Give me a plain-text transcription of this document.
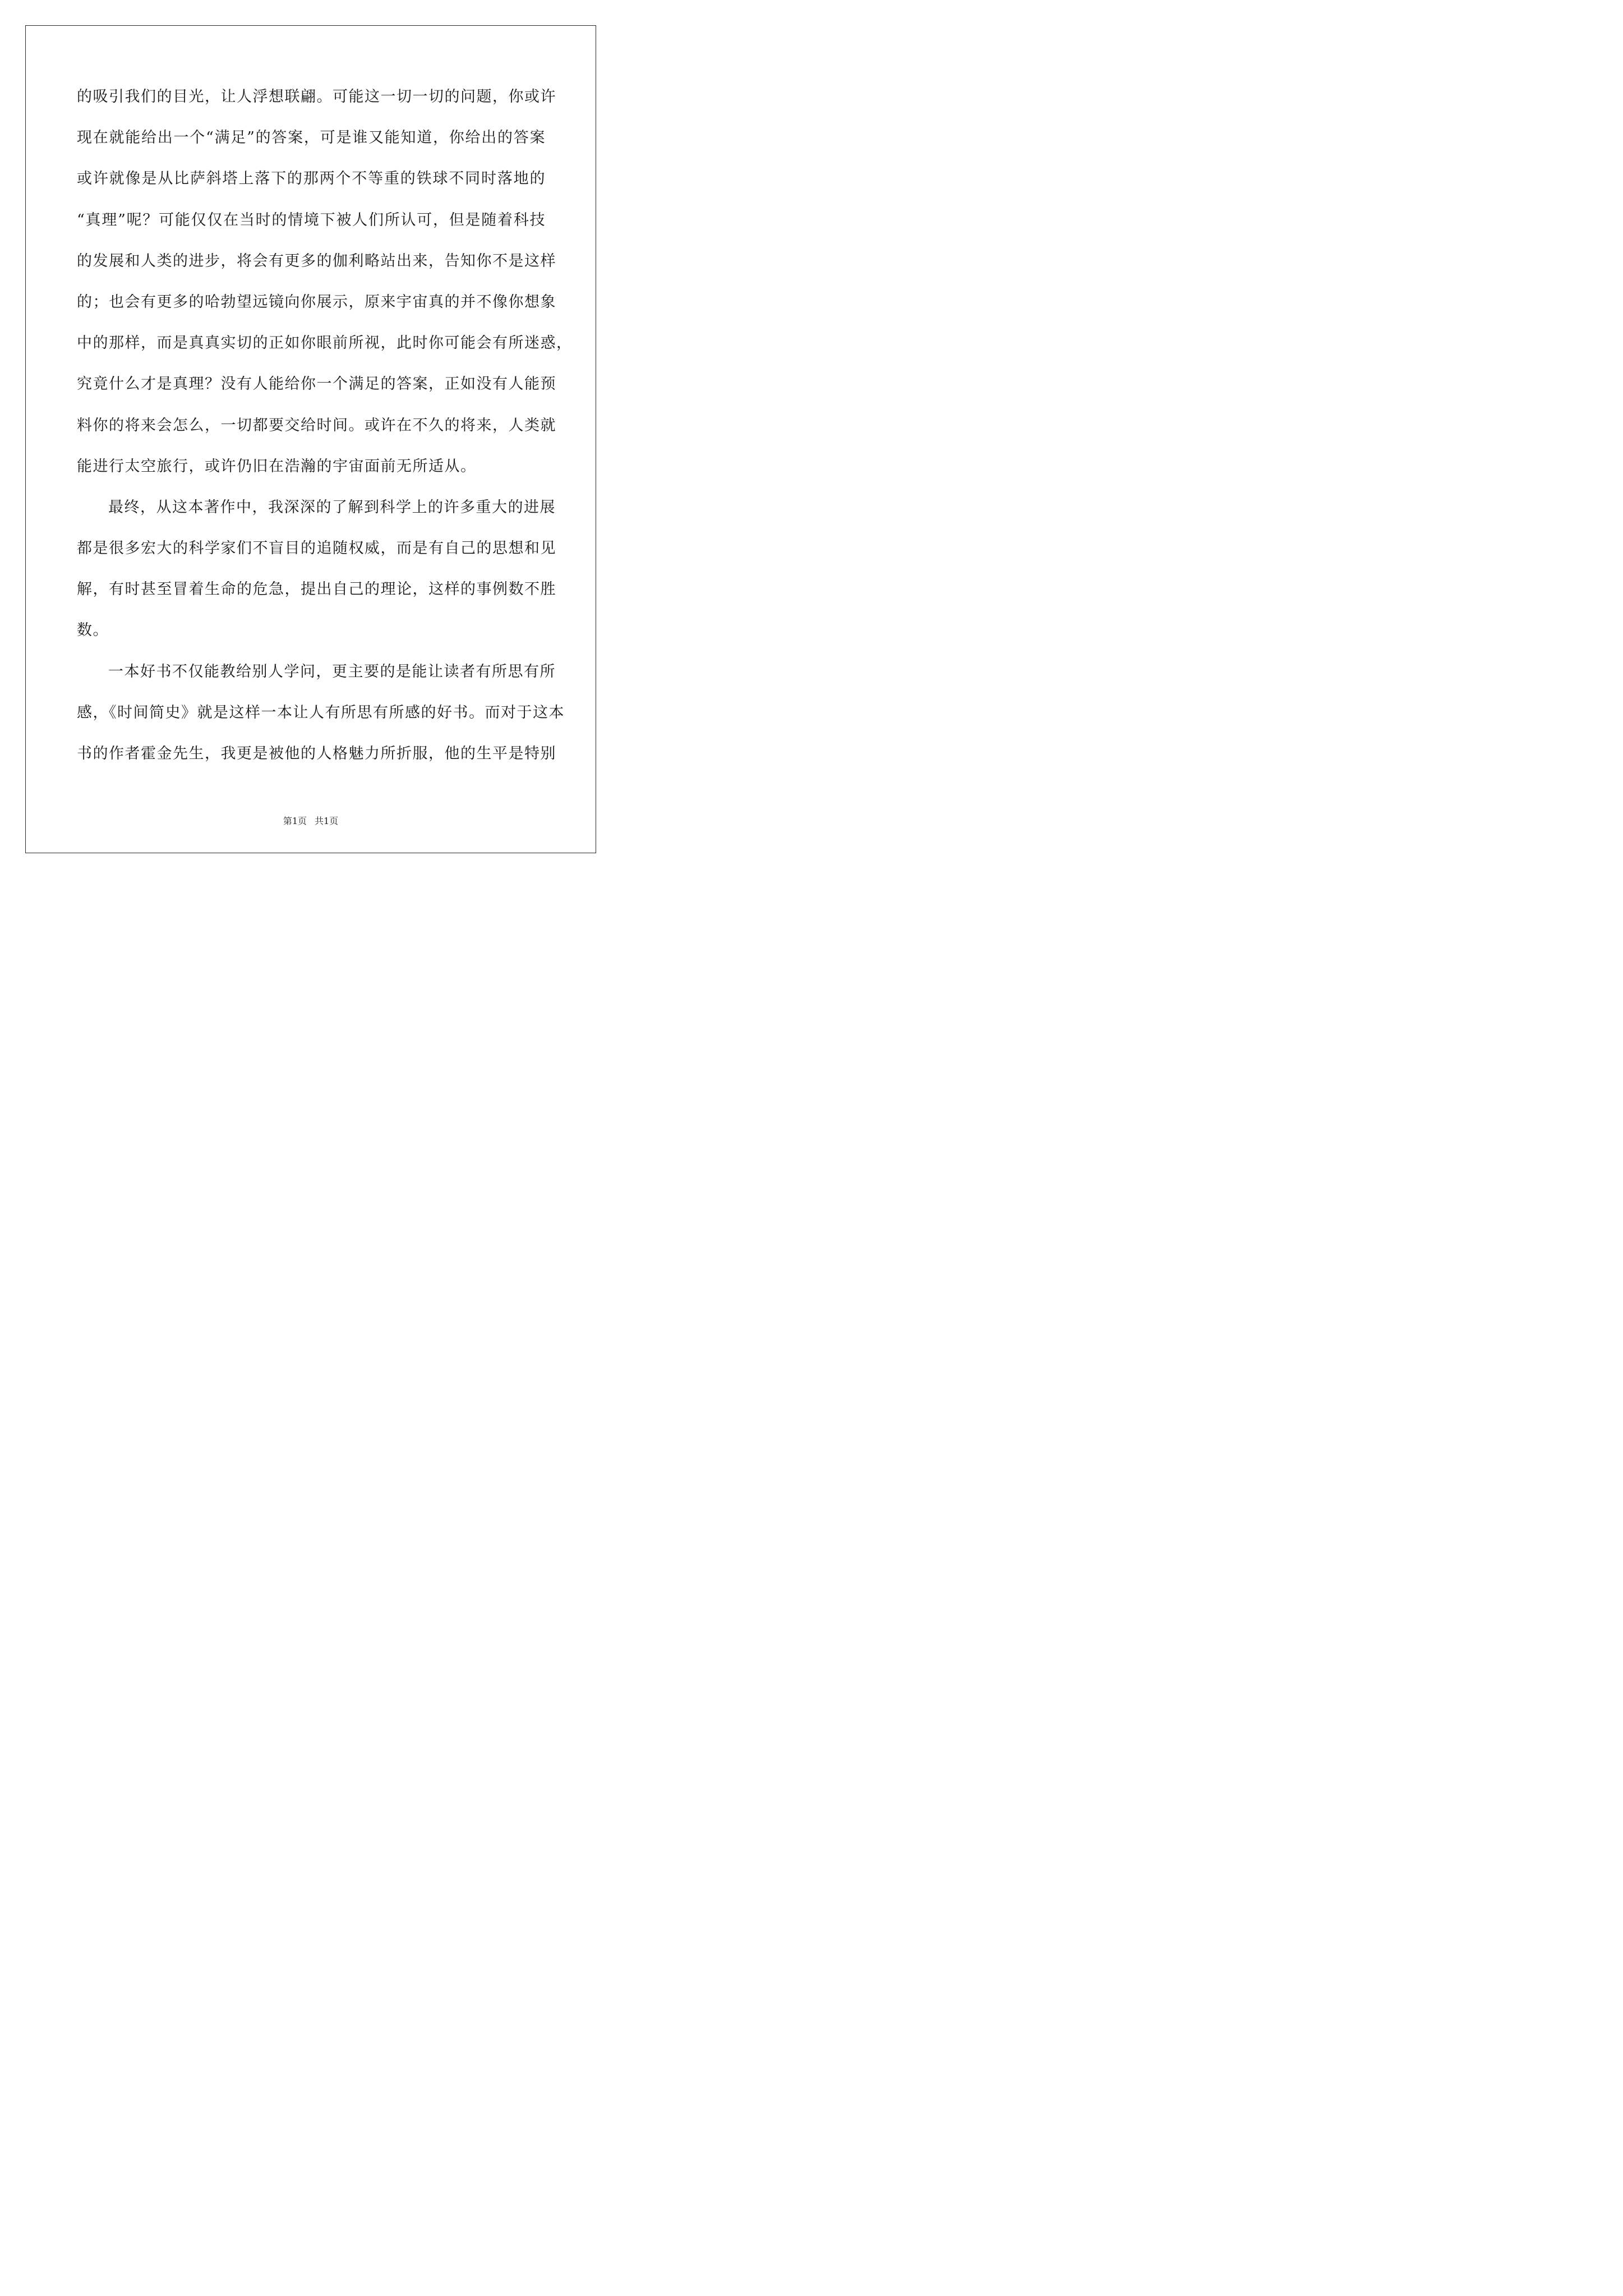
的吸引我们的目光，让人浮想联翩。可能这一切一切的问题，你或许
现在就能给出一个“满足”的答案，可是谁又能知道，你给出的答案
或许就像是从比萨斜塔上落下的那两个不等重的铁球不同时落地的
“真理”呢？可能仅仅在当时的情境下被人们所认可，但是随着科技
的发展和人类的进步，将会有更多的伽利略站出来，告知你不是这样
的；也会有更多的哈勃望远镜向你展示，原来宇宙真的并不像你想象
中的那样，而是真真实切的正如你眼前所视，此时你可能会有所迷惑，
究竟什么才是真理？没有人能给你一个满足的答案，正如没有人能预
料你的将来会怎么，一切都要交给时间。或许在不久的将来，人类就
能进行太空旅行，或许仍旧在浩瀚的宇宙面前无所适从。
最终，从这本著作中，我深深的了解到科学上的许多重大的进展
都是很多宏大的科学家们不盲目的追随权威，而是有自己的思想和见
解，有时甚至冒着生命的危急，提出自己的理论，这样的事例数不胜
数。
一本好书不仅能教给别人学问，更主要的是能让读者有所思有所
感，《时间简史》就是这样一本让人有所思有所感的好书。而对于这本
书的作者霍金先生，我更是被他的人格魅力所折服，他的生平是特别
第1页 共1页
